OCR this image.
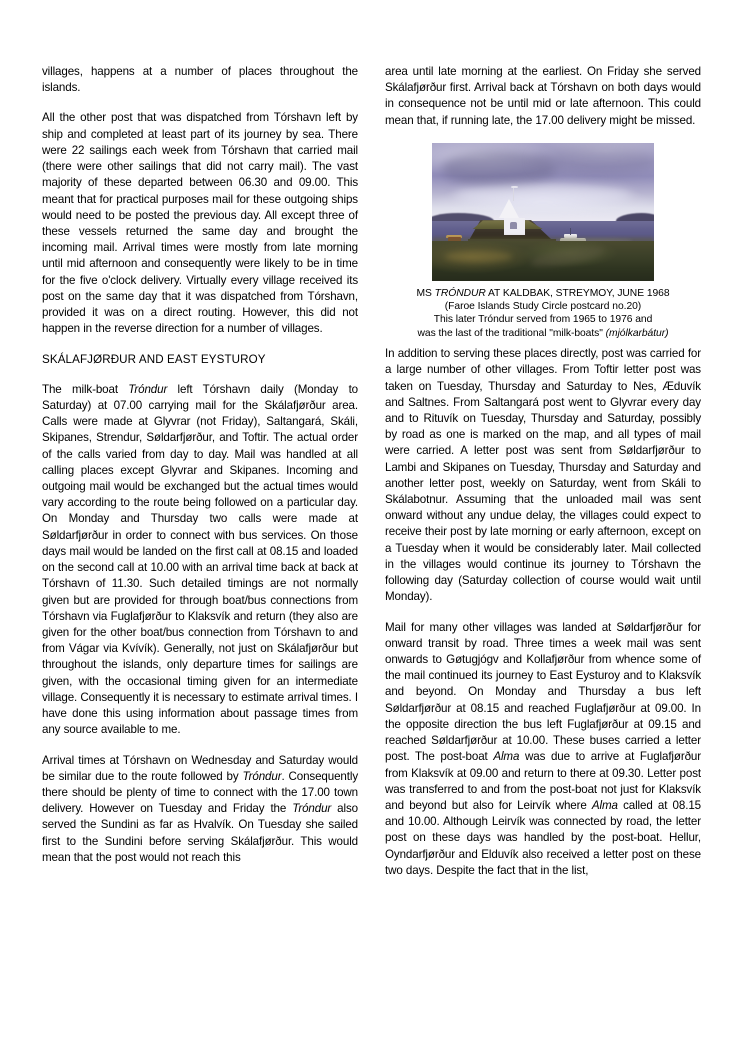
villages, happens at a number of places throughout the islands.

All the other post that was dispatched from Tórshavn left by ship and completed at least part of its journey by sea. There were 22 sailings each week from Tórshavn that carried mail (there were other sailings that did not carry mail). The vast majority of these departed between 06.30 and 09.00. This meant that for practical purposes mail for these outgoing ships would need to be posted the previous day. All except three of these vessels returned the same day and brought the incoming mail. Arrival times were mostly from late morning until mid afternoon and consequently were likely to be in time for the five o'clock delivery. Virtually every village received its post on the same day that it was dispatched from Tórshavn, provided it was on a direct routing. However, this did not happen in the reverse direction for a number of villages.

SKÁLAFJØRÐUR AND EAST EYSTUROY

The milk-boat Tróndur left Tórshavn daily (Monday to Saturday) at 07.00 carrying mail for the Skálafjørður area. Calls were made at Glyvrar (not Friday), Saltangará, Skáli, Skipanes, Strendur, Søldarfjørður, and Toftir. The actual order of the calls varied from day to day. Mail was handled at all calling places except Glyvrar and Skipanes. Incoming and outgoing mail would be exchanged but the actual times would vary according to the route being followed on a particular day. On Monday and Thursday two calls were made at Søldarfjørður in order to connect with bus services. On those days mail would be landed on the first call at 08.15 and loaded on the second call at 10.00 with an arrival time back at back at Tórshavn of 11.30. Such detailed timings are not normally given but are provided for through boat/bus connections from Tórshavn via Fuglafjørður to Klaksvík and return (they also are given for the other boat/bus connection from Tórshavn to and from Vágar via Kvívík). Generally, not just on Skálafjørður but throughout the islands, only departure times for sailings are given, with the occasional timing given for an intermediate village. Consequently it is necessary to estimate arrival times. I have done this using information about passage times from any source available to me.

Arrival times at Tórshavn on Wednesday and Saturday would be similar due to the route followed by Tróndur. Consequently there should be plenty of time to connect with the 17.00 town delivery. However on Tuesday and Friday the Tróndur also served the Sundini as far as Hvalvík. On Tuesday she sailed first to the Sundini before serving Skálafjørður. This would mean that the post would not reach this

area until late morning at the earliest. On Friday she served Skálafjørður first. Arrival back at Tórshavn on both days would in consequence not be until mid or late afternoon. This could mean that, if running late, the 17.00 delivery might be missed.

MS TRÓNDUR AT KALDBAK, STREYMOY, JUNE 1968
(Faroe Islands Study Circle postcard no.20)
This later Tróndur served from 1965 to 1976 and
was the last of the traditional "milk-boats" (mjólkarbátur)

In addition to serving these places directly, post was carried for a large number of other villages. From Toftir letter post was taken on Tuesday, Thursday and Saturday to Nes, Æduvík and Saltnes. From Saltangará post went to Glyvrar every day and to Rituvík on Tuesday, Thursday and Saturday, possibly by road as one is marked on the map, and all types of mail were carried. A letter post was sent from Søldarfjørður to Lambi and Skipanes on Tuesday, Thursday and Saturday and another letter post, weekly on Saturday, went from Skáli to Skálabotnur. Assuming that the unloaded mail was sent onward without any undue delay, the villages could expect to receive their post by late morning or early afternoon, except on a Tuesday when it would be considerably later. Mail collected in the villages would continue its journey to Tórshavn the following day (Saturday collection of course would wait until Monday).

Mail for many other villages was landed at Søldarfjørður for onward transit by road. Three times a week mail was sent onwards to Gøtugjógv and Kollafjørður from whence some of the mail continued its journey to East Eysturoy and to Klaksvík and beyond. On Monday and Thursday a bus left Søldarfjørður at 08.15 and reached Fuglafjørður at 09.00. In the opposite direction the bus left Fuglafjørður at 09.15 and reached Søldarfjørður at 10.00. These buses carried a letter post. The post-boat Alma was due to arrive at Fuglafjørður from Klaksvík at 09.00 and return to there at 09.30. Letter post was transferred to and from the post-boat not just for Klaksvík and beyond but also for Leirvík where Alma called at 08.15 and 10.00. Although Leirvík was connected by road, the letter post on these days was handled by the post-boat. Hellur, Oyndarfjørður and Elduvík also received a letter post on these two days. Despite the fact that in the list,
